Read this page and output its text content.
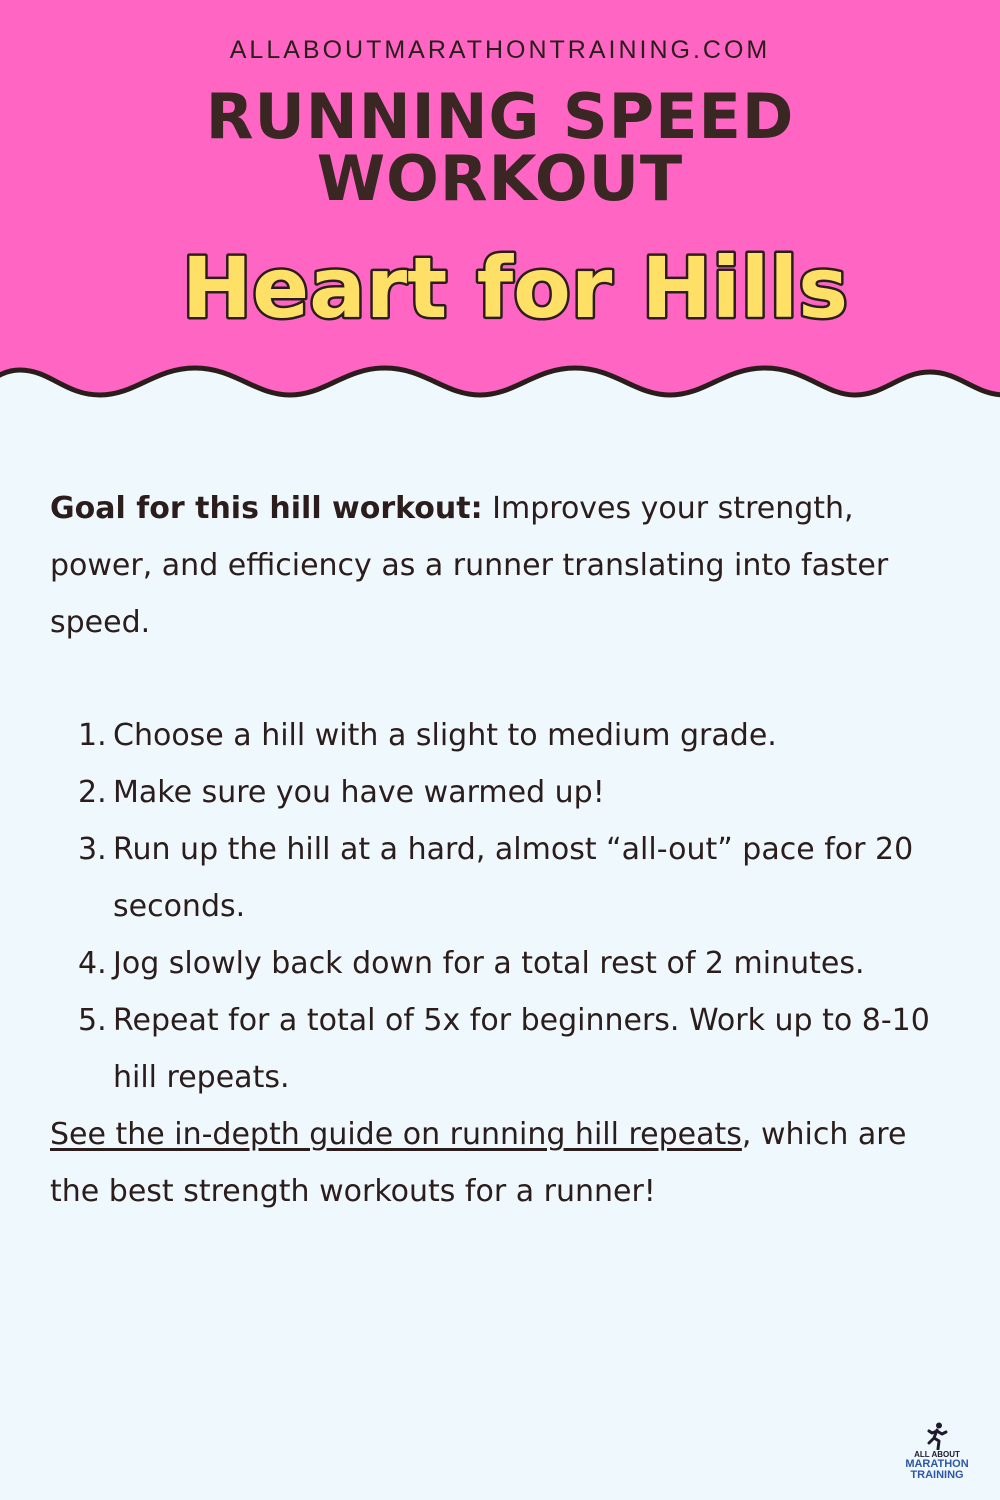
ALLABOUTMARATHONTRAINING.COM
RUNNING SPEED
WORKOUT
Heart for Hills

Goal for this hill workout: Improves your strength, power, and efficiency as a runner translating into faster speed.

1. Choose a hill with a slight to medium grade.
2. Make sure you have warmed up!
3. Run up the hill at a hard, almost “all-out” pace for 20 seconds.
4. Jog slowly back down for a total rest of 2 minutes.
5. Repeat for a total of 5x for beginners. Work up to 8-10 hill repeats.

See the in-depth guide on running hill repeats, which are the best strength workouts for a runner!

ALL ABOUT
MARATHON
TRAINING
